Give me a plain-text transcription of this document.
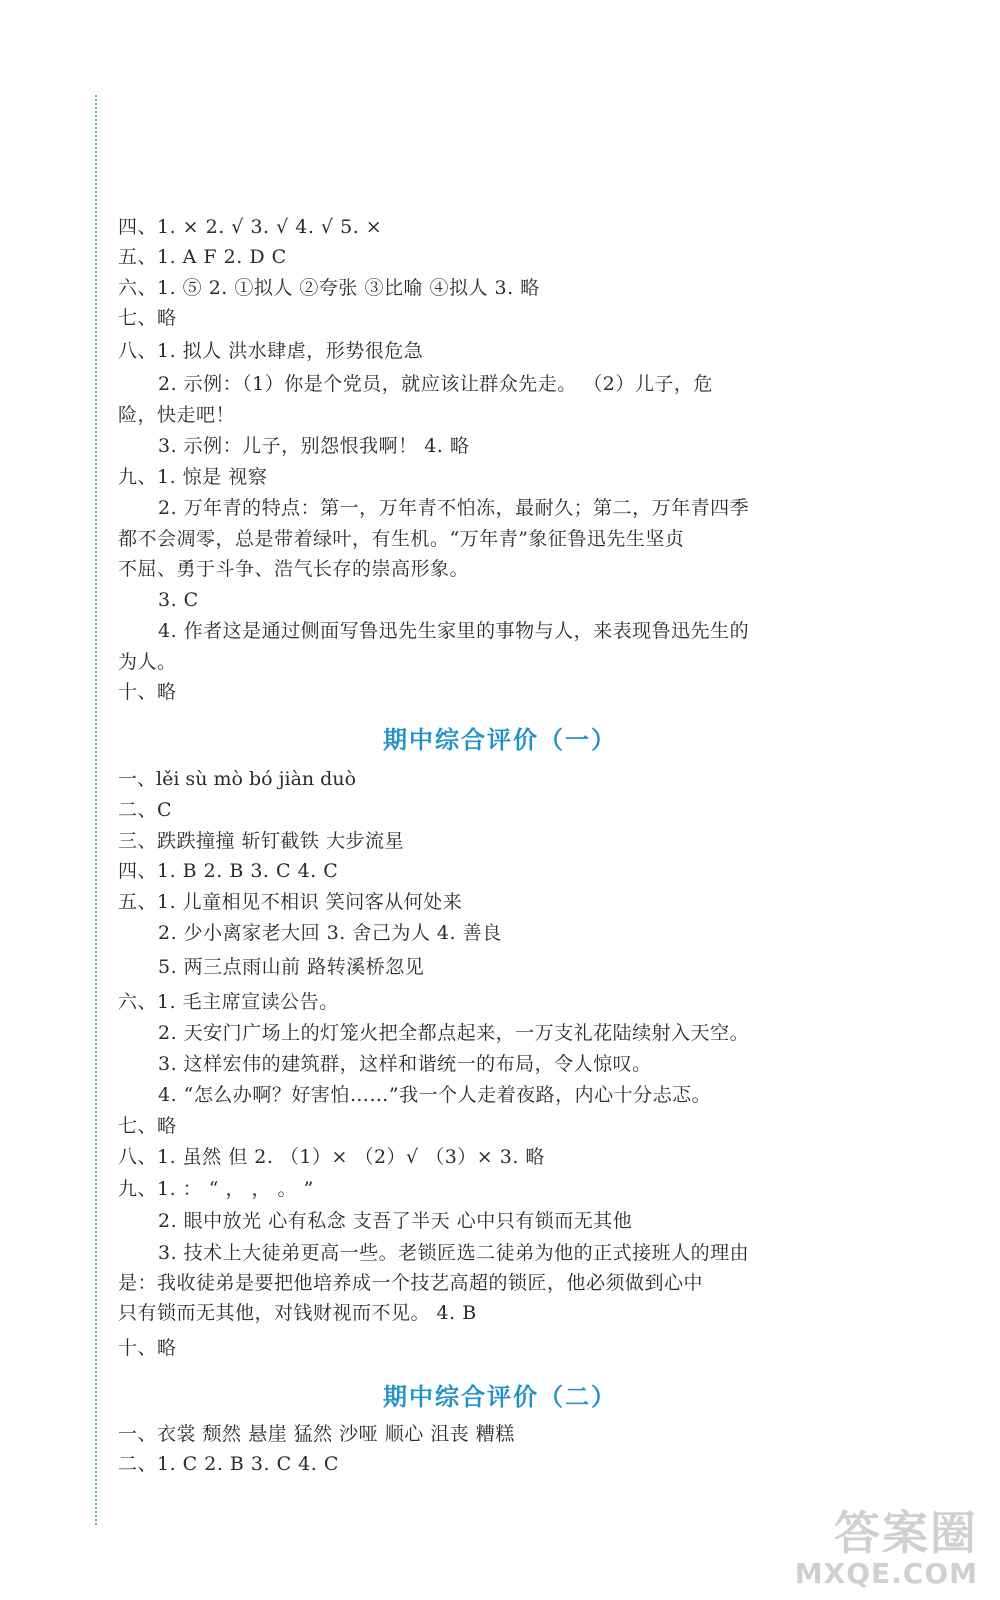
四、1. × 2. √ 3. √ 4. √ 5. ×
五、1. A F 2. D C
六、1. ⑤ 2. ①拟人 ②夸张 ③比喻 ④拟人 3. 略
七、略
八、1. 拟人 洪水肆虐，形势很危急
2. 示例：（1）你是个党员，就应该让群众先走。 （2）儿子，危
险，快走吧！
3. 示例：儿子，别怨恨我啊！ 4. 略
九、1. 惊是 视察
2. 万年青的特点：第一，万年青不怕冻，最耐久；第二，万年青四季
都不会凋零，总是带着绿叶，有生机。“万年青”象征鲁迅先生坚贞
不屈、勇于斗争、浩气长存的崇高形象。
3. C
4. 作者这是通过侧面写鲁迅先生家里的事物与人，来表现鲁迅先生的
为人。
十、略
期中综合评价（一）
一、lěi sù mò bó jiàn duò
二、C
三、跌跌撞撞 斩钉截铁 大步流星
四、1. B 2. B 3. C 4. C
五、1. 儿童相见不相识 笑问客从何处来
2. 少小离家老大回 3. 舍己为人 4. 善良
5. 两三点雨山前 路转溪桥忽见
六、1. 毛主席宣读公告。
2. 天安门广场上的灯笼火把全都点起来，一万支礼花陆续射入天空。
3. 这样宏伟的建筑群，这样和谐统一的布局，令人惊叹。
4. “怎么办啊？好害怕……”我一个人走着夜路，内心十分忐忑。
七、略
八、1. 虽然 但 2. （1）× （2）√ （3）× 3. 略
九、1. ： “ ， ， 。 ”
2. 眼中放光 心有私念 支吾了半天 心中只有锁而无其他
3. 技术上大徒弟更高一些。老锁匠选二徒弟为他的正式接班人的理由
是：我收徒弟是要把他培养成一个技艺高超的锁匠，他必须做到心中
只有锁而无其他，对钱财视而不见。 4. B
十、略
期中综合评价（二）
一、衣裳 颓然 悬崖 猛然 沙哑 顺心 沮丧 糟糕
二、1. C 2. B 3. C 4. C
答案圈
MXQE.COM
